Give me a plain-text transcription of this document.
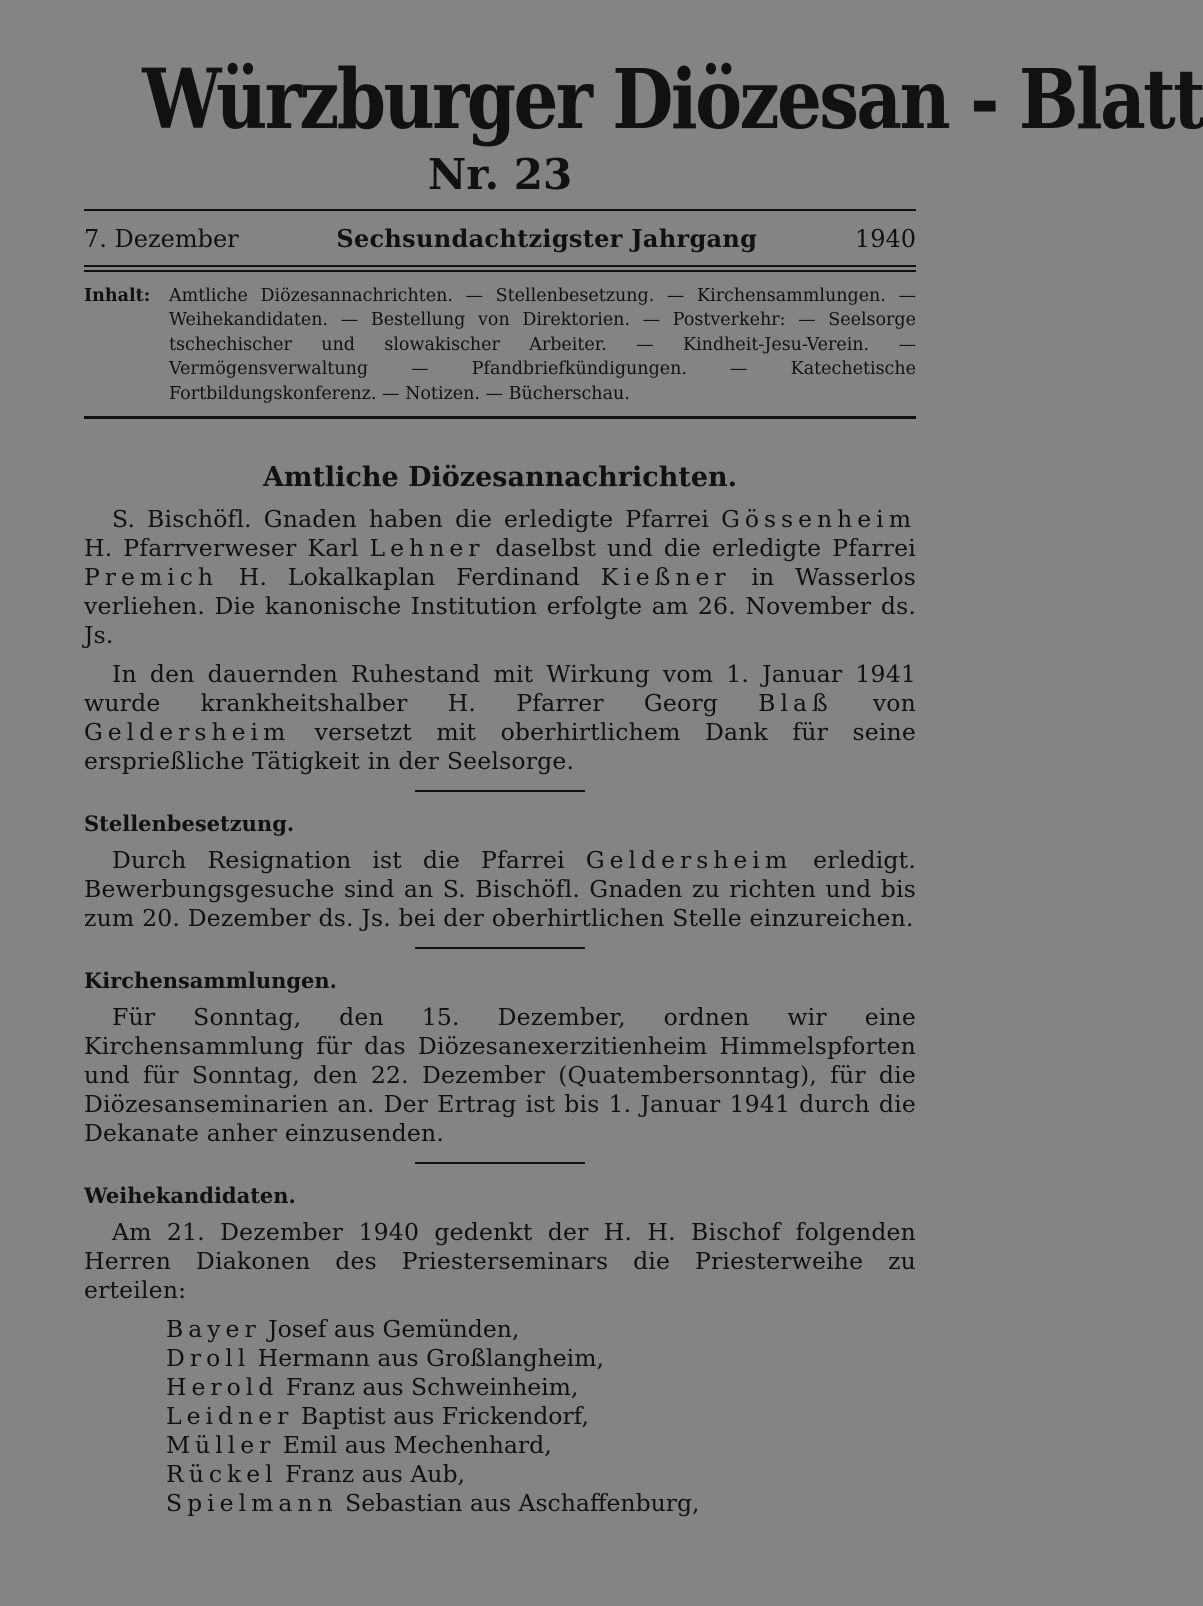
Würzburger Diözesan - Blatt
Nr. 23
7. Dezember	Sechsundachtzigster Jahrgang	1940
Inhalt:	Amtliche Diözesannachrichten. — Stellenbesetzung. — Kirchensammlungen. — Weihekandidaten. — Bestellung von Direktorien. — Postverkehr: — Seelsorge tschechischer und slowakischer Arbeiter. — Kindheit-Jesu-Verein. — Vermögensverwaltung — Pfandbriefkündigungen. — Katechetische Fortbildungskonferenz. — Notizen. — Bücherschau.
Amtliche Diözesannachrichten.

S. Bischöfl. Gnaden haben die erledigte Pfarrei Gössenheim H. Pfarrverweser Karl Lehner daselbst und die erledigte Pfarrei Premich H. Lokalkaplan Ferdinand Kießner in Wasserlos verliehen. Die kanonische Institution erfolgte am 26. November ds. Js.

In den dauernden Ruhestand mit Wirkung vom 1. Januar 1941 wurde krankheitshalber H. Pfarrer Georg Blaß von Geldersheim versetzt mit oberhirtlichem Dank für seine ersprießliche Tätigkeit in der Seelsorge.

Stellenbesetzung.

Durch Resignation ist die Pfarrei Geldersheim erledigt. Bewerbungsgesuche sind an S. Bischöfl. Gnaden zu richten und bis zum 20. Dezember ds. Js. bei der oberhirtlichen Stelle einzureichen.

Kirchensammlungen.

Für Sonntag, den 15. Dezember, ordnen wir eine Kirchensammlung für das Diözesanexerzitienheim Himmelspforten und für Sonntag, den 22. Dezember (Quatembersonntag), für die Diözesanseminarien an. Der Ertrag ist bis 1. Januar 1941 durch die Dekanate anher einzusenden.

Weihekandidaten.

Am 21. Dezember 1940 gedenkt der H. H. Bischof folgenden Herren Diakonen des Priesterseminars die Priesterweihe zu erteilen:

Bayer Josef aus Gemünden,
Droll Hermann aus Großlangheim,
Herold Franz aus Schweinheim,
Leidner Baptist aus Frickendorf,
Müller Emil aus Mechenhard,
Rückel Franz aus Aub,
Spielmann Sebastian aus Aschaffenburg,
